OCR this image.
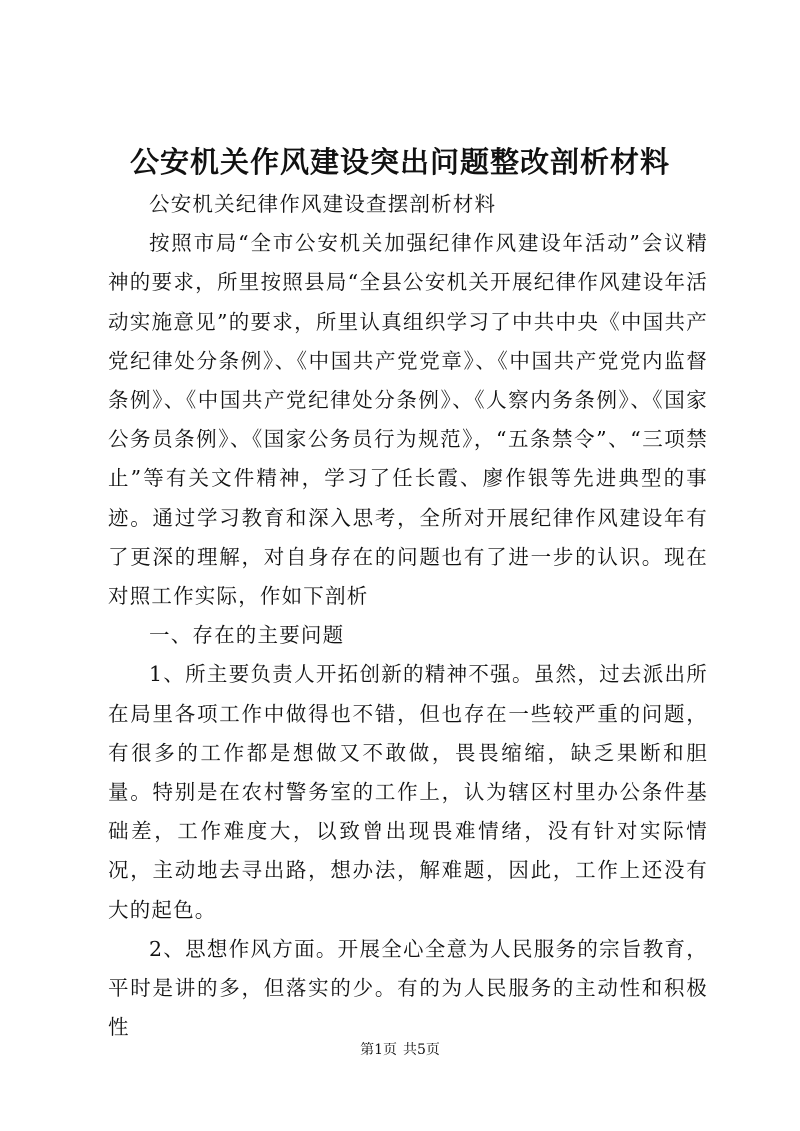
公安机关作风建设突出问题整改剖析材料

公安机关纪律作风建设查摆剖析材料

按照市局“全市公安机关加强纪律作风建设年活动”会议精神的要求，所里按照县局“全县公安机关开展纪律作风建设年活动实施意见”的要求，所里认真组织学习了中共中央《中国共产党纪律处分条例》、《中国共产党党章》、《中国共产党党内监督条例》、《中国共产党纪律处分条例》、《人察内务条例》、《国家公务员条例》、《国家公务员行为规范》，“五条禁令”、“三项禁止”等有关文件精神，学习了任长霞、廖作银等先进典型的事迹。通过学习教育和深入思考，全所对开展纪律作风建设年有了更深的理解，对自身存在的问题也有了进一步的认识。现在对照工作实际，作如下剖析

一、存在的主要问题

1、所主要负责人开拓创新的精神不强。虽然，过去派出所在局里各项工作中做得也不错，但也存在一些较严重的问题，有很多的工作都是想做又不敢做，畏畏缩缩，缺乏果断和胆量。特别是在农村警务室的工作上，认为辖区村里办公条件基础差，工作难度大，以致曾出现畏难情绪，没有针对实际情况，主动地去寻出路，想办法，解难题，因此，工作上还没有大的起色。

2、思想作风方面。开展全心全意为人民服务的宗旨教育，平时是讲的多，但落实的少。有的为人民服务的主动性和积极性

第1页 共5页
